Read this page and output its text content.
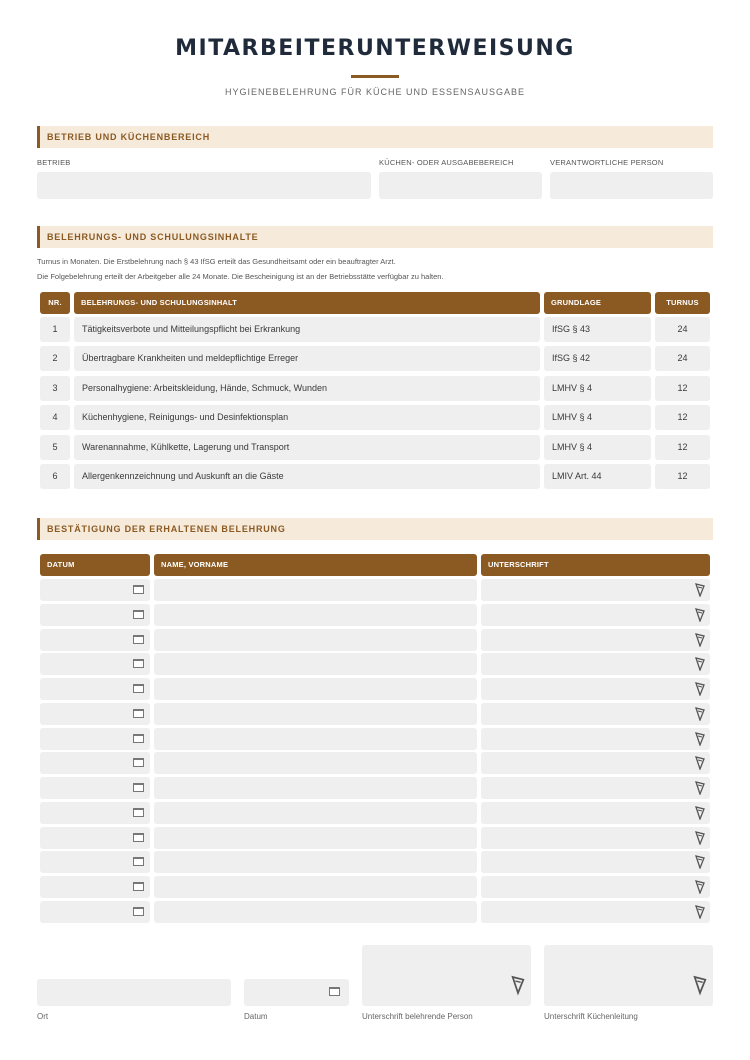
MITARBEITERUNTERWEISUNG
HYGIENEBELEHRUNG FÜR KÜCHE UND ESSENSAUSGABE
BETRIEB UND KÜCHENBEREICH
BETRIEB	KÜCHEN- ODER AUSGABEBEREICH	VERANTWORTLICHE PERSON
BELEHRUNGS- UND SCHULUNGSINHALTE
Turnus in Monaten. Die Erstbelehrung nach § 43 IfSG erteilt das Gesundheitsamt oder ein beauftragter Arzt.
Die Folgebelehrung erteilt der Arbeitgeber alle 24 Monate. Die Bescheinigung ist an der Betriebsstätte verfügbar zu halten.
NR.	BELEHRUNGS- UND SCHULUNGSINHALT	GRUNDLAGE	TURNUS
1	Tätigkeitsverbote und Mitteilungspflicht bei Erkrankung	IfSG § 43	24
2	Übertragbare Krankheiten und meldepflichtige Erreger	IfSG § 42	24
3	Personalhygiene: Arbeitskleidung, Hände, Schmuck, Wunden	LMHV § 4	12
4	Küchenhygiene, Reinigungs- und Desinfektionsplan	LMHV § 4	12
5	Warenannahme, Kühlkette, Lagerung und Transport	LMHV § 4	12
6	Allergenkennzeichnung und Auskunft an die Gäste	LMIV Art. 44	12
BESTÄTIGUNG DER ERHALTENEN BELEHRUNG
DATUM	NAME, VORNAME	UNTERSCHRIFT
Ort	Datum	Unterschrift belehrende Person	Unterschrift Küchenleitung
